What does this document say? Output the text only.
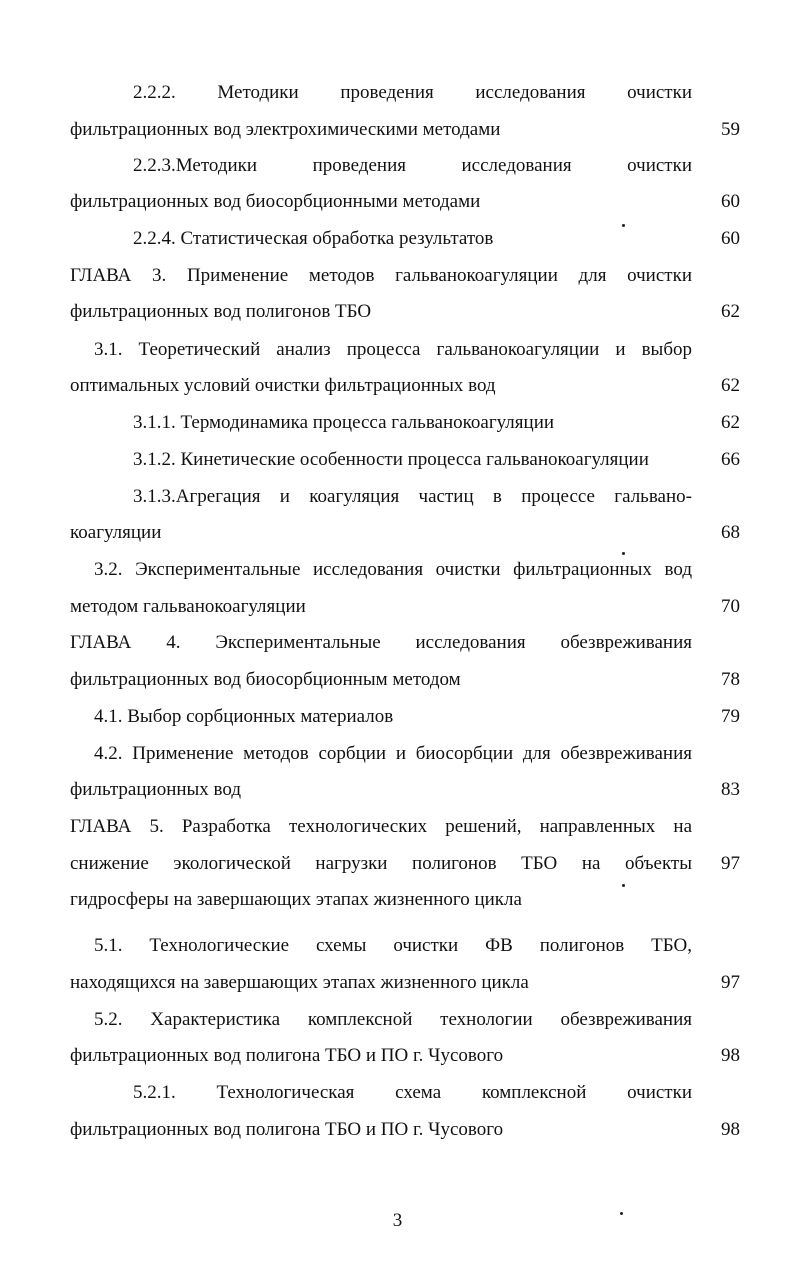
2.2.2. Методики проведения исследования очистки
фильтрационных вод электрохимическими методами	59
2.2.3.Методики проведения исследования очистки
фильтрационных вод биосорбционными методами	60
2.2.4. Статистическая обработка результатов	60
ГЛАВА 3. Применение методов гальванокоагуляции для очистки
фильтрационных вод полигонов ТБО	62
3.1. Теоретический анализ процесса гальванокоагуляции и выбор
оптимальных условий очистки фильтрационных вод	62
3.1.1. Термодинамика процесса гальванокоагуляции	62
3.1.2. Кинетические особенности процесса гальванокоагуляции	66
3.1.3.Агрегация и коагуляция частиц в процессе гальвано-
коагуляции	68
3.2. Экспериментальные исследования очистки фильтрационных вод
методом гальванокоагуляции	70
ГЛАВА 4. Экспериментальные исследования обезвреживания
фильтрационных вод биосорбционным методом	78
4.1. Выбор сорбционных материалов	79
4.2. Применение методов сорбции и биосорбции для обезвреживания
фильтрационных вод	83
ГЛАВА 5. Разработка технологических решений, направленных на
снижение экологической нагрузки полигонов ТБО на объекты	97
гидросферы на завершающих этапах жизненного цикла
5.1. Технологические схемы очистки ФВ полигонов ТБО,
находящихся на завершающих этапах жизненного цикла	97
5.2. Характеристика комплексной технологии обезвреживания
фильтрационных вод полигона ТБО и ПО г. Чусового	98
5.2.1. Технологическая схема комплексной очистки
фильтрационных вод полигона ТБО и ПО г. Чусового	98
3
